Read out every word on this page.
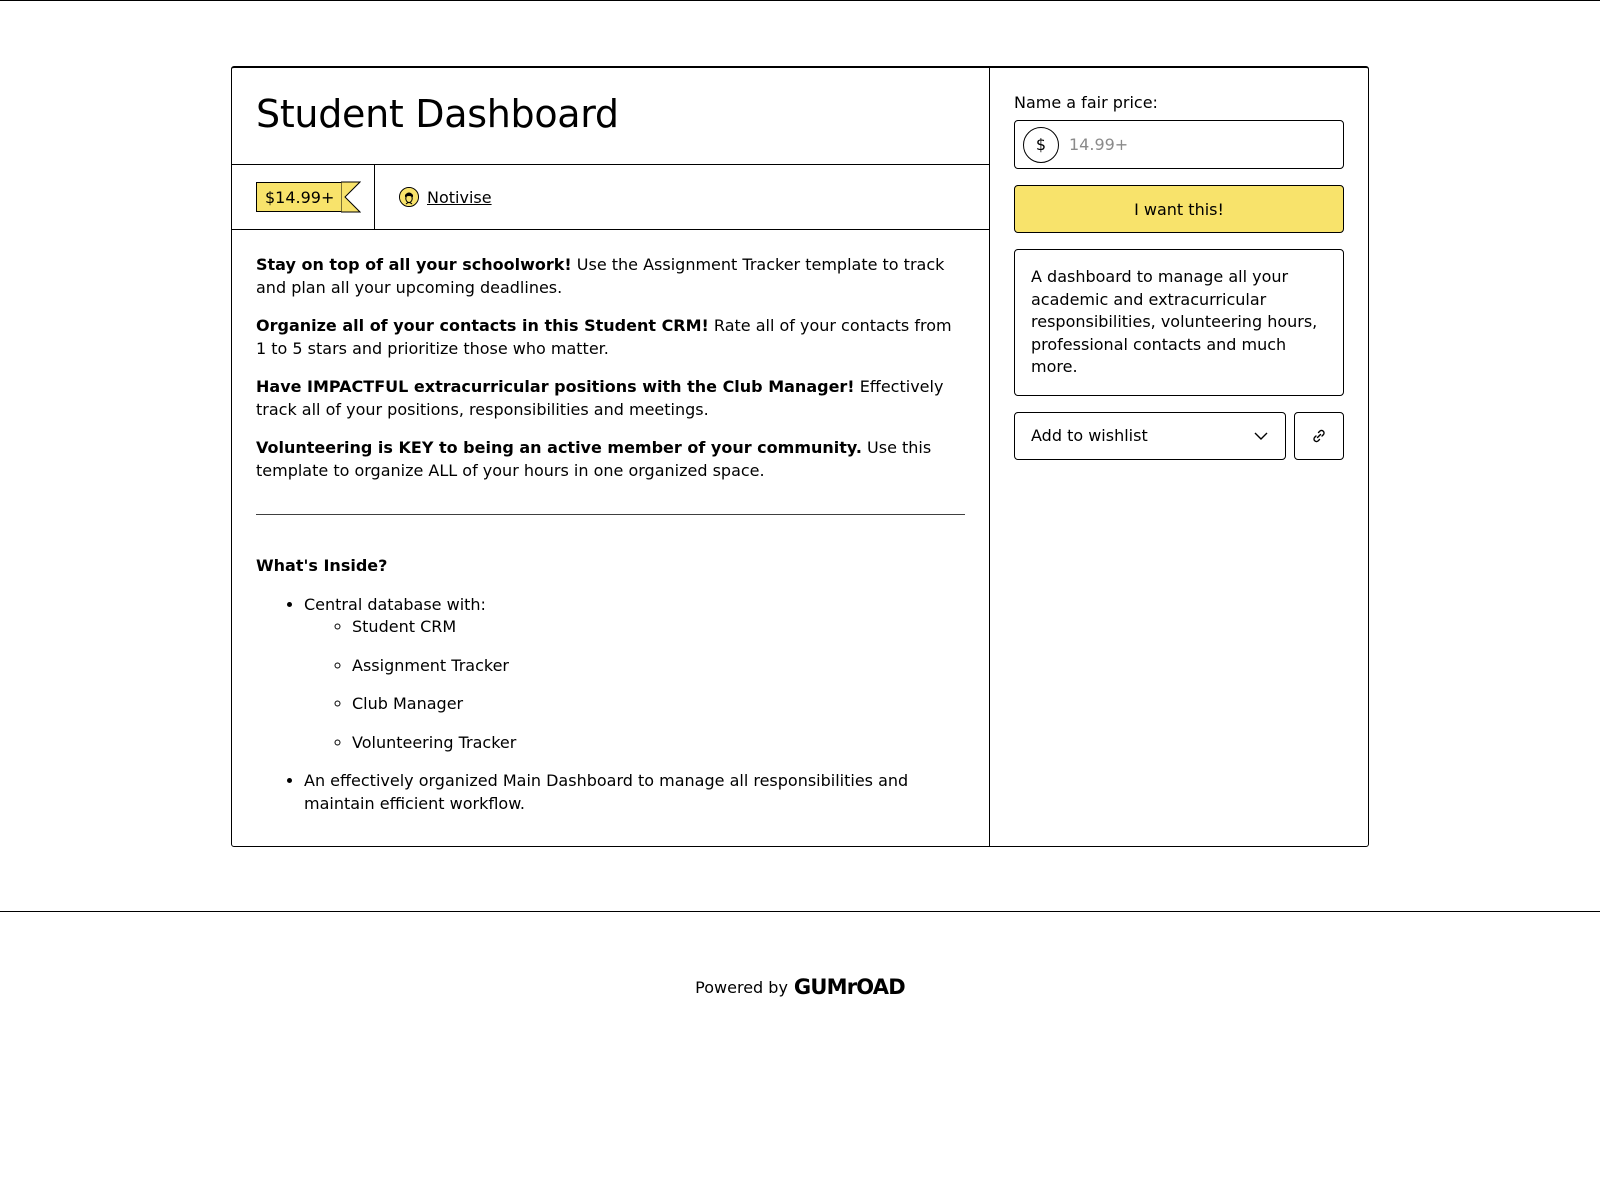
Student Dashboard
$14.99+	Notivise

Stay on top of all your schoolwork! Use the Assignment Tracker template to track and plan all your upcoming deadlines.

Organize all of your contacts in this Student CRM! Rate all of your contacts from 1 to 5 stars and prioritize those who matter.

Have IMPACTFUL extracurricular positions with the Club Manager! Effectively track all of your positions, responsibilities and meetings.

Volunteering is KEY to being an active member of your community. Use this template to organize ALL of your hours in one organized space.

What's Inside?
• Central database with:
◦ Student CRM
◦ Assignment Tracker
◦ Club Manager
◦ Volunteering Tracker
• An effectively organized Main Dashboard to manage all responsibilities and maintain efficient workflow.
Name a fair price:
$
14.99+
I want this!
A dashboard to manage all your academic and extracurricular responsibilities, volunteering hours, professional contacts and much more.
Add to wishlist
Powered by GUMrOAD
